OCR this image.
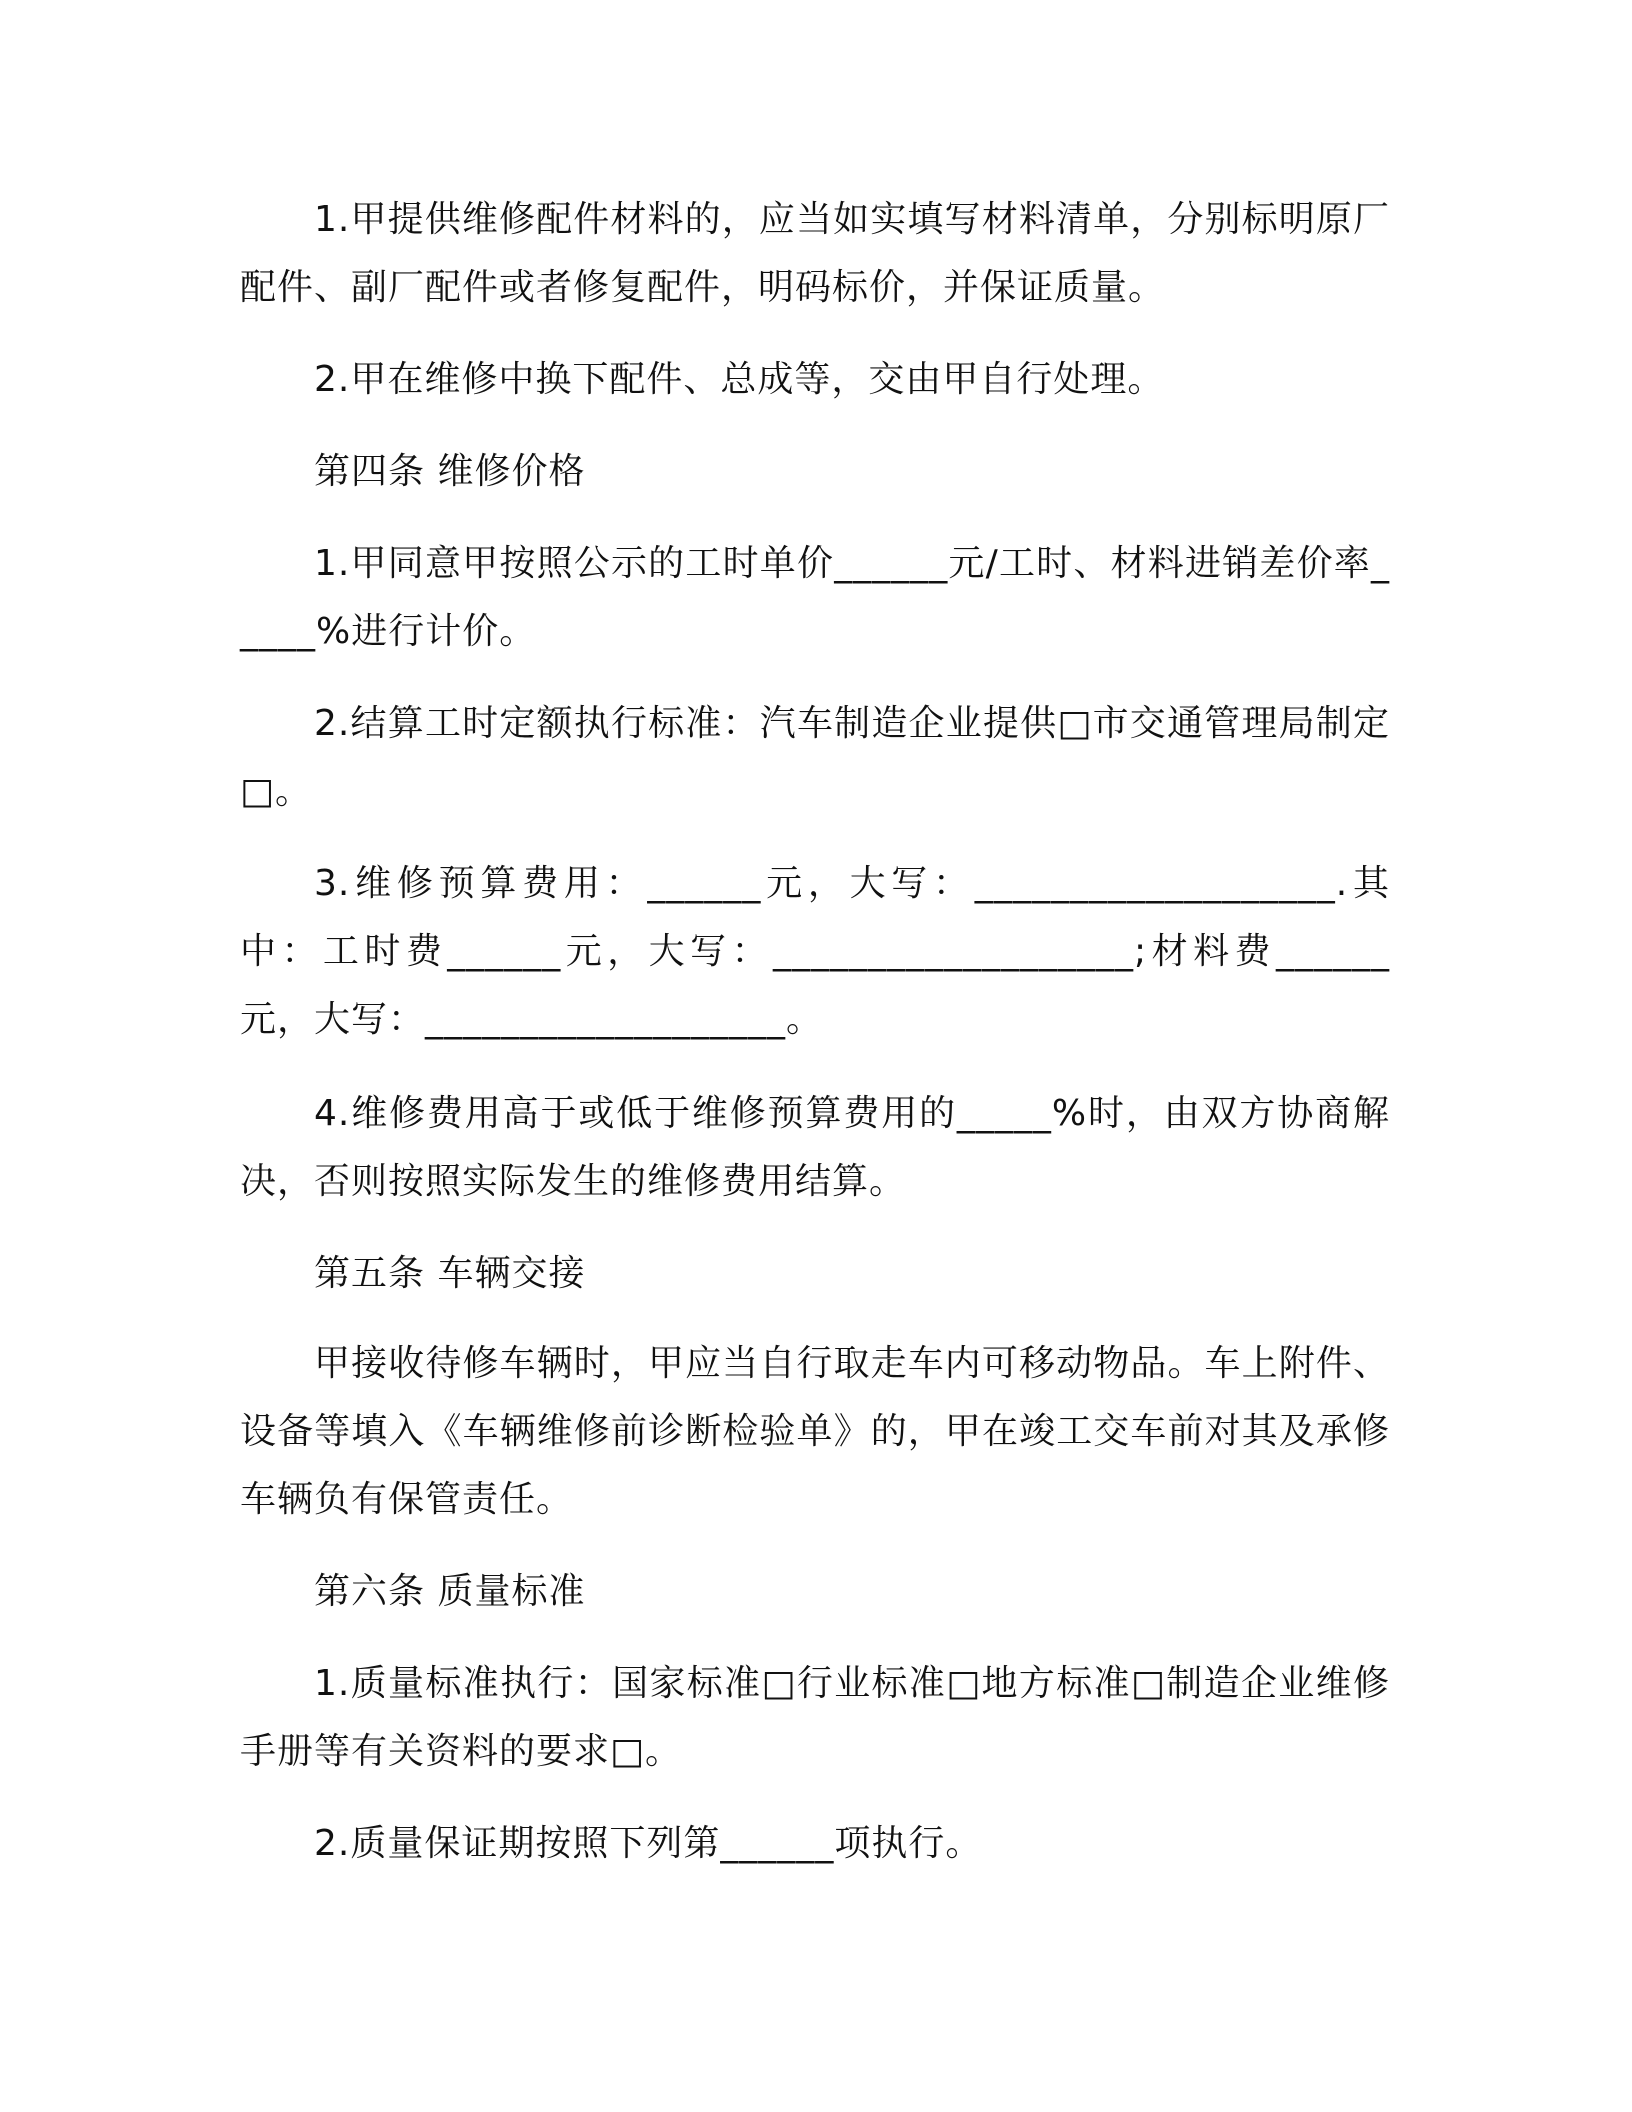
1.甲提供维修配件材料的，应当如实填写材料清单，分别标明原厂配件、副厂配件或者修复配件，明码标价，并保证质量。

2.甲在维修中换下配件、总成等，交由甲自行处理。

第四条 维修价格

1.甲同意甲按照公示的工时单价______元/工时、材料进销差价率_____%进行计价。

2.结算工时定额执行标准：汽车制造企业提供□市交通管理局制定□。

3.维修预算费用：______元，大写：___________________.其中：工时费______元，大写：___________________;材料费______元，大写：___________________。

4.维修费用高于或低于维修预算费用的_____%时，由双方协商解决，否则按照实际发生的维修费用结算。

第五条 车辆交接

甲接收待修车辆时，甲应当自行取走车内可移动物品。车上附件、设备等填入《车辆维修前诊断检验单》的，甲在竣工交车前对其及承修车辆负有保管责任。

第六条 质量标准

1.质量标准执行：国家标准□行业标准□地方标准□制造企业维修手册等有关资料的要求□。

2.质量保证期按照下列第______项执行。
